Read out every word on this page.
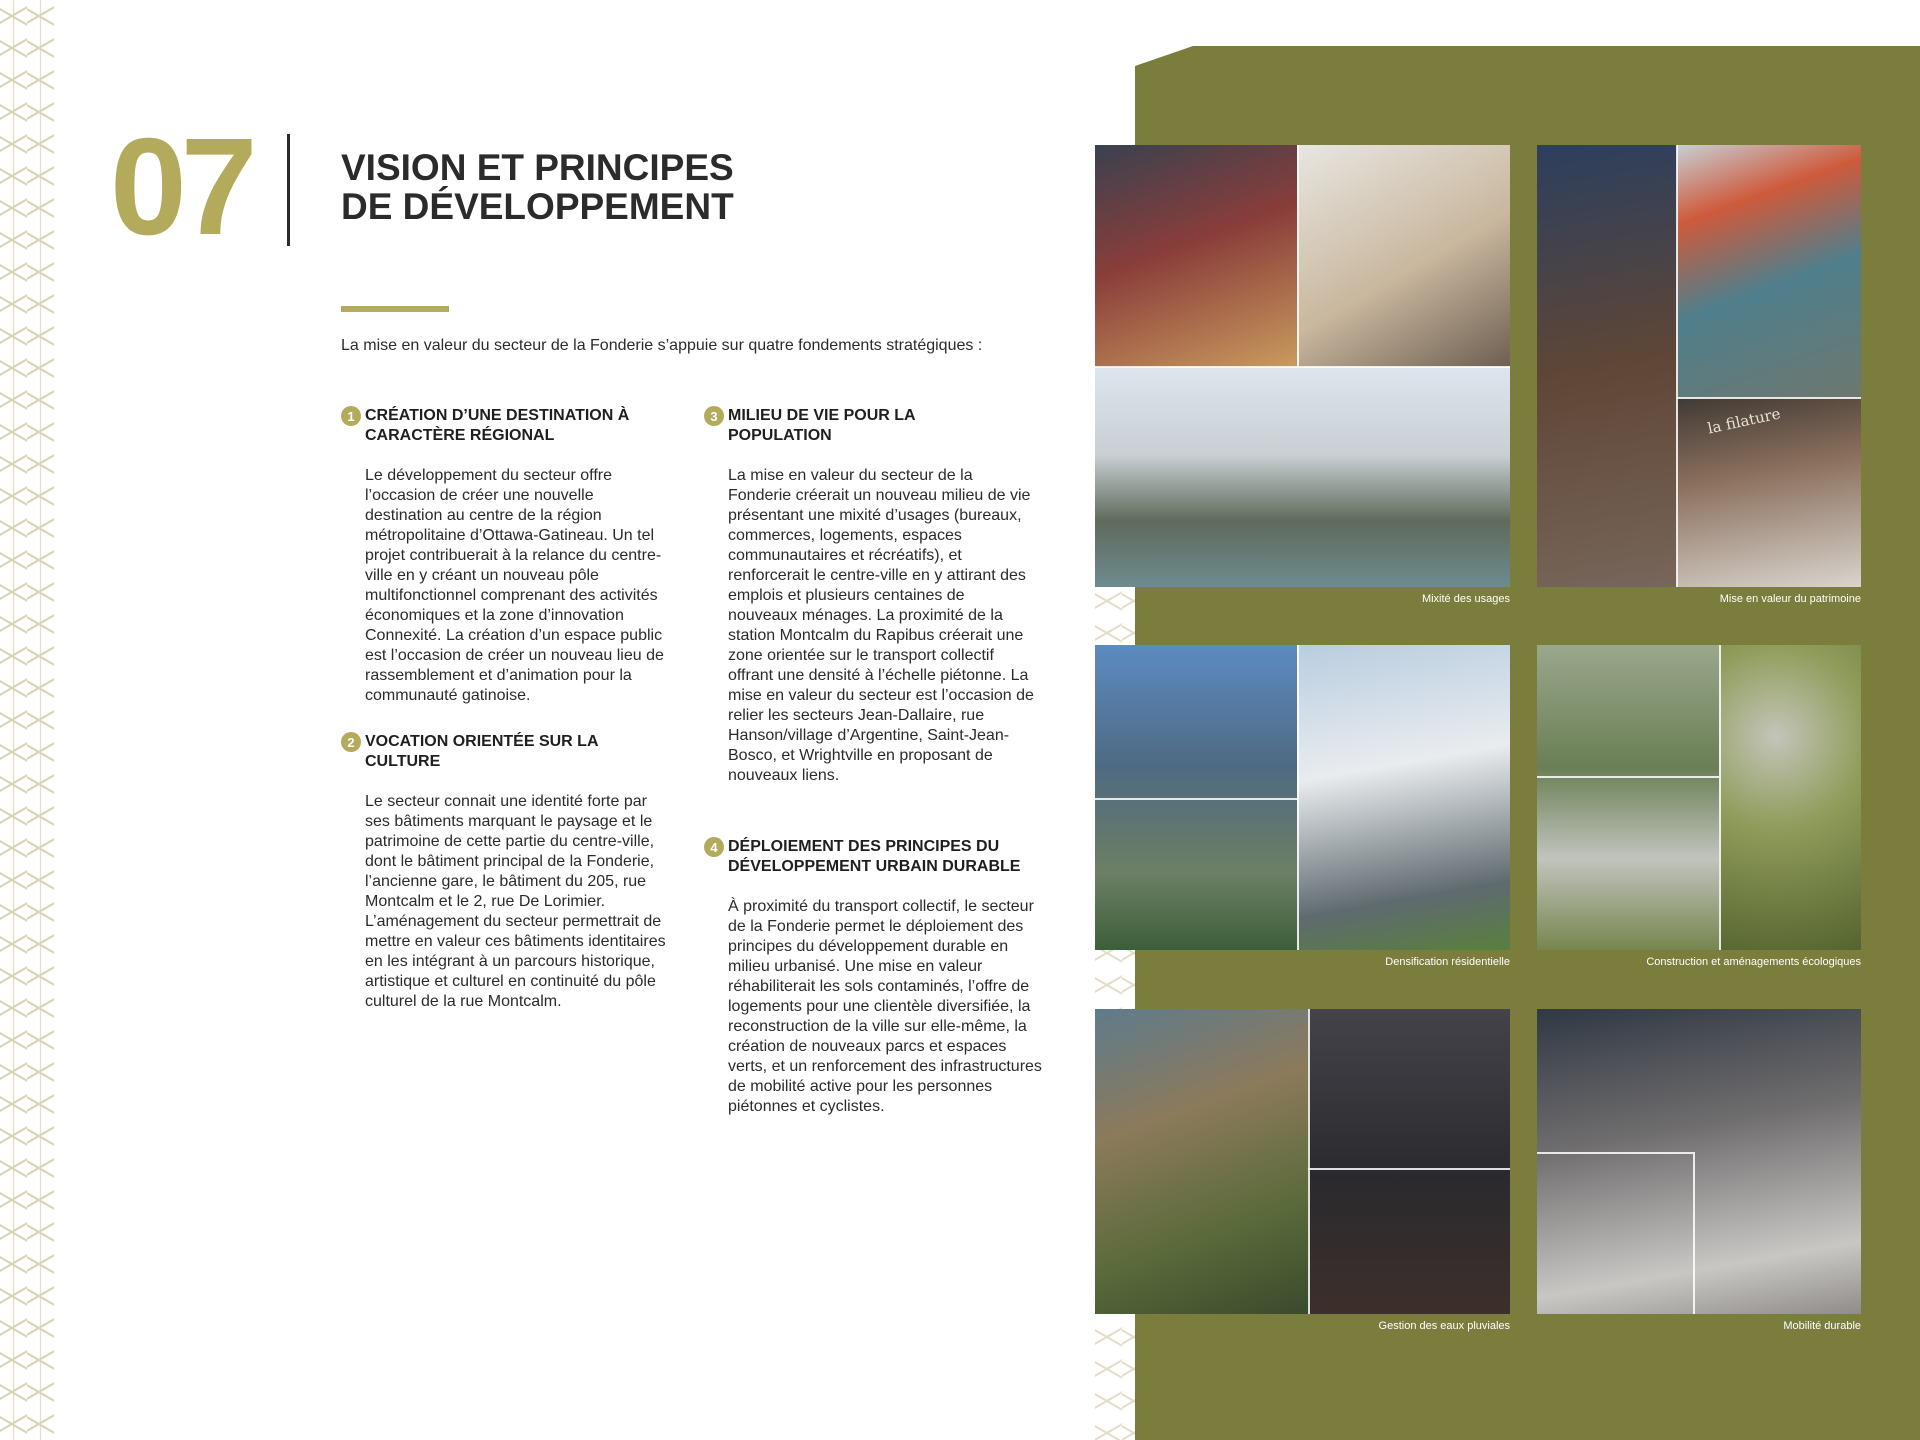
07 VISION ET PRINCIPES
DE DÉVELOPPEMENT

La mise en valeur du secteur de la Fonderie s’appuie sur quatre fondements stratégiques :

1 CRÉATION D’UNE DESTINATION À
CARACTÈRE RÉGIONAL

Le développement du secteur offre l’occasion de créer une nouvelle destination au centre de la région métropolitaine d’Ottawa-Gatineau. Un tel projet contribuerait à la relance du centre-ville en y créant un nouveau pôle multifonctionnel comprenant des activités économiques et la zone d’innovation Connexité. La création d’un espace public est l’occasion de créer un nouveau lieu de rassemblement et d’animation pour la communauté gatinoise.

2 VOCATION ORIENTÉE SUR LA
CULTURE

Le secteur connait une identité forte par ses bâtiments marquant le paysage et le patrimoine de cette partie du centre-ville, dont le bâtiment principal de la Fonderie, l’ancienne gare, le bâtiment du 205, rue Montcalm et le 2, rue De Lorimier. L’aménagement du secteur permettrait de mettre en valeur ces bâtiments identitaires en les intégrant à un parcours historique, artistique et culturel en continuité du pôle culturel de la rue Montcalm.

3 MILIEU DE VIE POUR LA
POPULATION

La mise en valeur du secteur de la Fonderie créerait un nouveau milieu de vie présentant une mixité d’usages (bureaux, commerces, logements, espaces communautaires et récréatifs), et renforcerait le centre-ville en y attirant des emplois et plusieurs centaines de nouveaux ménages. La proximité de la station Montcalm du Rapibus créerait une zone orientée sur le transport collectif offrant une densité à l’échelle piétonne. La mise en valeur du secteur est l’occasion de relier les secteurs Jean-Dallaire, rue Hanson/village d’Argentine, Saint-Jean-Bosco, et Wrightville en proposant de nouveaux liens.

4 DÉPLOIEMENT DES PRINCIPES DU
DÉVELOPPEMENT URBAIN DURABLE

À proximité du transport collectif, le secteur de la Fonderie permet le déploiement des principes du développement durable en milieu urbanisé. Une mise en valeur réhabiliterait les sols contaminés, l’offre de logements pour une clientèle diversifiée, la reconstruction de la ville sur elle-même, la création de nouveaux parcs et espaces verts, et un renforcement des infrastructures de mobilité active pour les personnes piétonnes et cyclistes.

Mixité des usages
la filature
Mise en valeur du patrimoine
Densification résidentielle	Construction et aménagements écologiques
Gestion des eaux pluviales	Mobilité durable
